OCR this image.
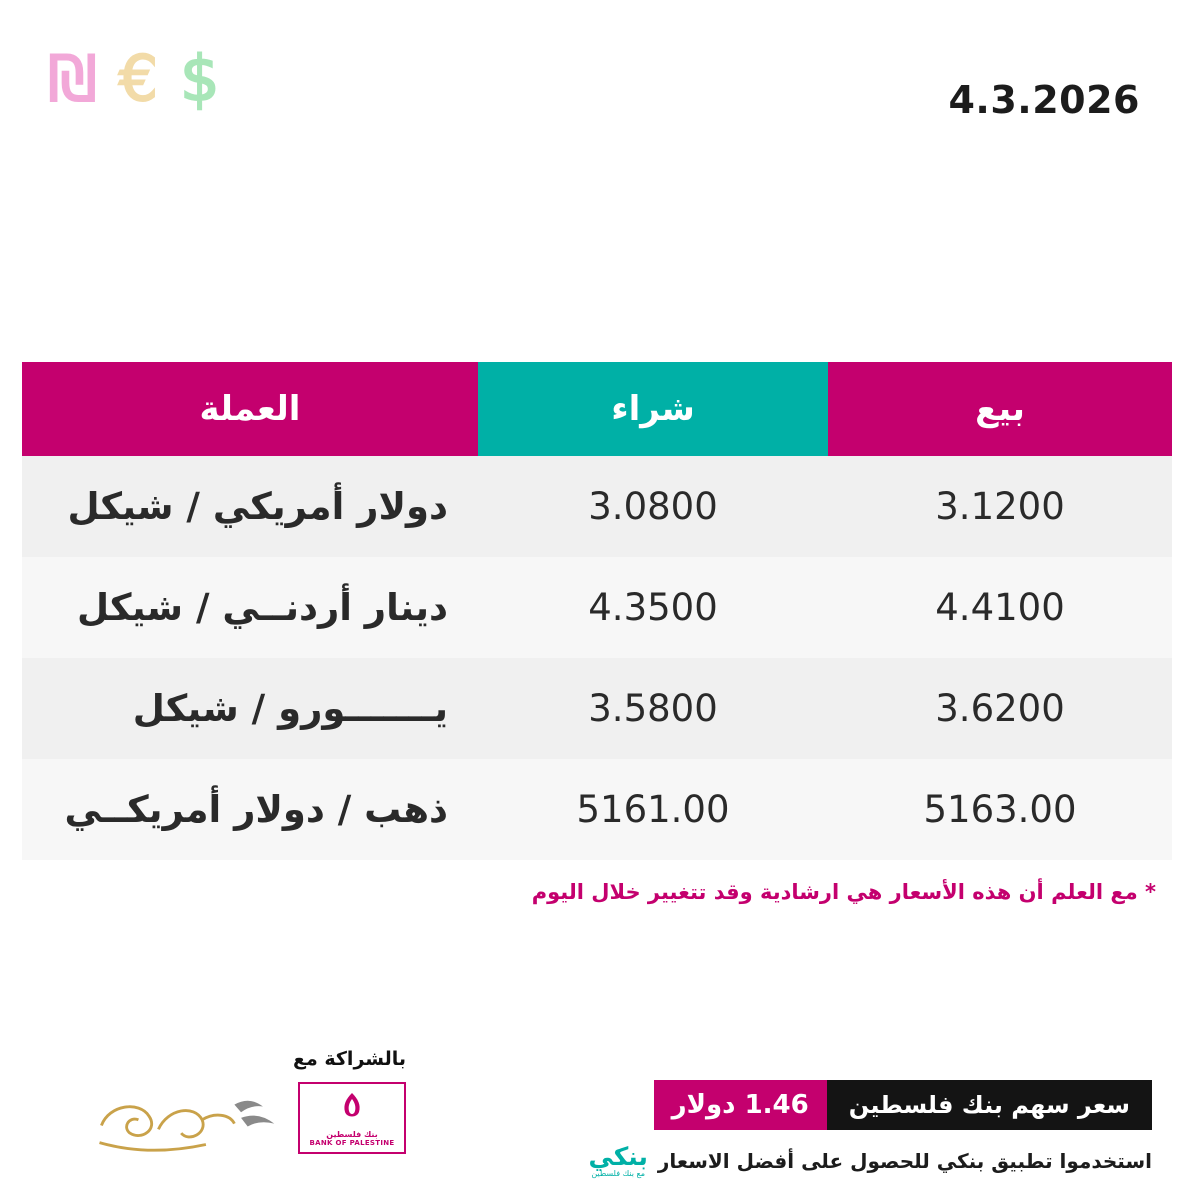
$
€
₪	4.3.2026
بيع	شراء	العملة
3.1200	3.0800	دولار أمريكي / شيكل
4.4100	4.3500	دينار أردنــي / شيكل
3.6200	3.5800	يـــــــورو / شيكل
5163.00	5161.00	ذهب / دولار أمريكــي
* مع العلم أن هذه الأسعار هي ارشادية وقد تتغيير خلال اليوم
بالشراكة مع
بنك فلسطين
BANK OF PALESTINE
سعر سهم بنك فلسطين
1.46 دولار
استخدموا تطبيق بنكي للحصول على أفضل الاسعار
بنكي
مع بنك فلسطين
